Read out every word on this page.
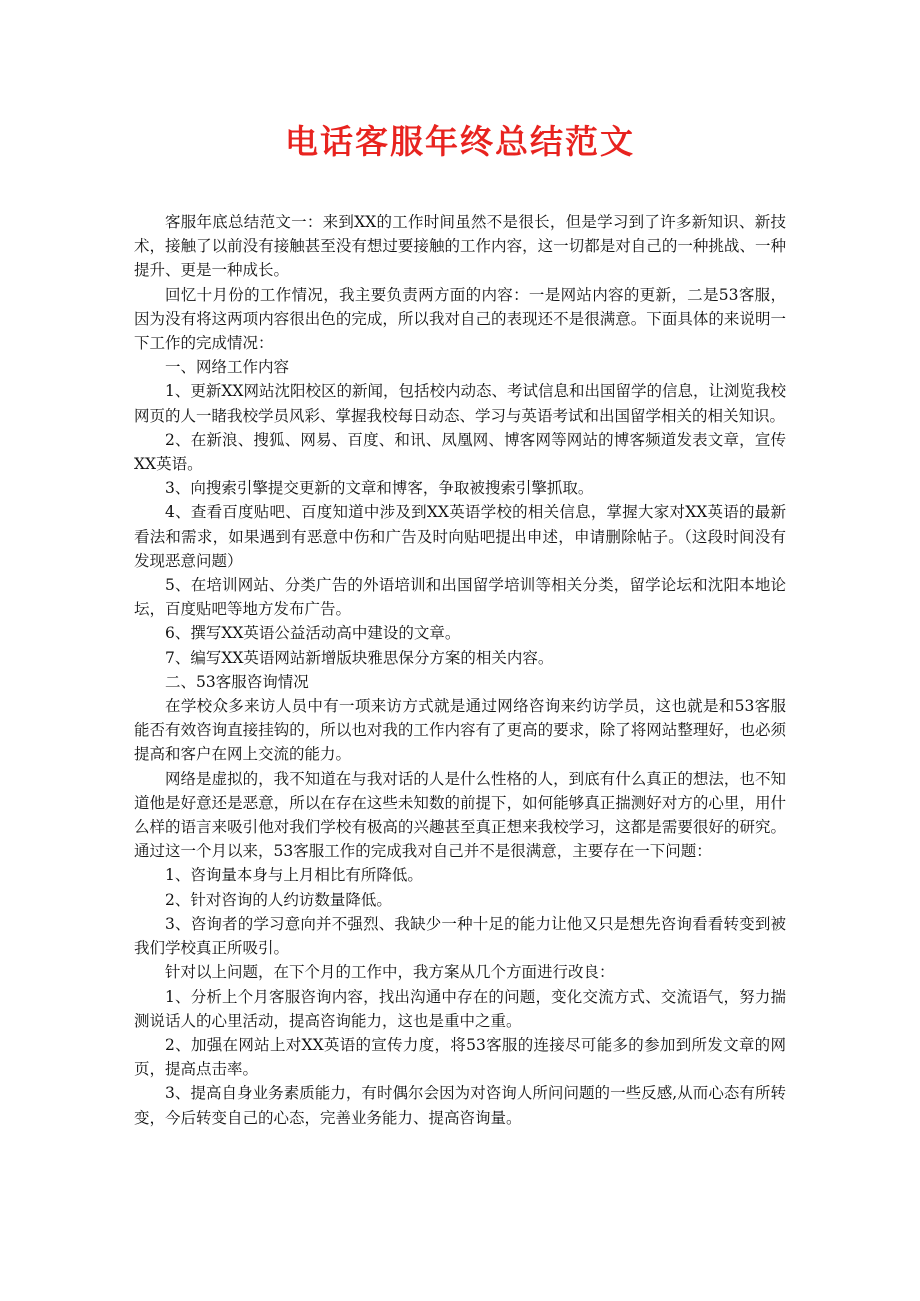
电话客服年终总结范文

客服年底总结范文一：来到XX的工作时间虽然不是很长，但是学习到了许多新知识、新技术，接触了以前没有接触甚至没有想过要接触的工作内容，这一切都是对自己的一种挑战、一种提升、更是一种成长。

回忆十月份的工作情况，我主要负责两方面的内容：一是网站内容的更新，二是53客服，因为没有将这两项内容很出色的完成，所以我对自己的表现还不是很满意。下面具体的来说明一下工作的完成情况：

一、网络工作内容

1、更新XX网站沈阳校区的新闻，包括校内动态、考试信息和出国留学的信息，让浏览我校网页的人一睹我校学员风彩、掌握我校每日动态、学习与英语考试和出国留学相关的相关知识。

2、在新浪、搜狐、网易、百度、和讯、凤凰网、博客网等网站的博客频道发表文章，宣传XX英语。

3、向搜索引擎提交更新的文章和博客，争取被搜索引擎抓取。

4、查看百度贴吧、百度知道中涉及到XX英语学校的相关信息，掌握大家对XX英语的最新看法和需求，如果遇到有恶意中伤和广告及时向贴吧提出申述，申请删除帖子。（这段时间没有发现恶意问题）

5、在培训网站、分类广告的外语培训和出国留学培训等相关分类，留学论坛和沈阳本地论坛，百度贴吧等地方发布广告。

6、撰写XX英语公益活动高中建设的文章。

7、编写XX英语网站新增版块雅思保分方案的相关内容。

二、53客服咨询情况

在学校众多来访人员中有一项来访方式就是通过网络咨询来约访学员，这也就是和53客服能否有效咨询直接挂钩的，所以也对我的工作内容有了更高的要求，除了将网站整理好，也必须提高和客户在网上交流的能力。

网络是虚拟的，我不知道在与我对话的人是什么性格的人，到底有什么真正的想法，也不知道他是好意还是恶意，所以在存在这些未知数的前提下，如何能够真正揣测好对方的心里，用什么样的语言来吸引他对我们学校有极高的兴趣甚至真正想来我校学习，这都是需要很好的研究。通过这一个月以来，53客服工作的完成我对自己并不是很满意，主要存在一下问题：

1、咨询量本身与上月相比有所降低。

2、针对咨询的人约访数量降低。

3、咨询者的学习意向并不强烈、我缺少一种十足的能力让他又只是想先咨询看看转变到被我们学校真正所吸引。

针对以上问题，在下个月的工作中，我方案从几个方面进行改良：

1、分析上个月客服咨询内容，找出沟通中存在的问题，变化交流方式、交流语气，努力揣测说话人的心里活动，提高咨询能力，这也是重中之重。

2、加强在网站上对XX英语的宣传力度，将53客服的连接尽可能多的参加到所发文章的网页，提高点击率。

3、提高自身业务素质能力，有时偶尔会因为对咨询人所问问题的一些反感,从而心态有所转变，今后转变自己的心态，完善业务能力、提高咨询量。
